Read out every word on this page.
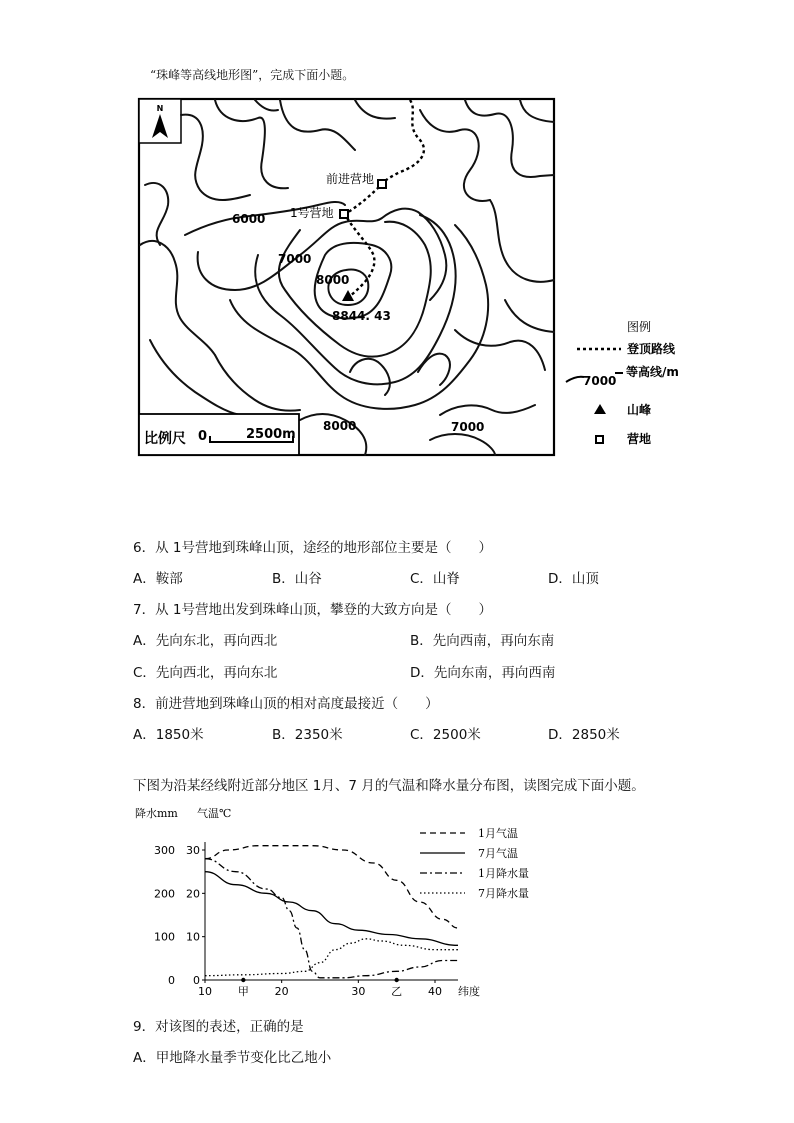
“珠峰等高线地形图”，完成下面小题。
N
前进营地
1号营地
6000
7000
8000
8844. 43
8000	7000
比例尺 0	2500m
图例
登顶路线
7000
等高线/m
山峰
营地
6．从 1号营地到珠峰山顶，途经的地形部位主要是（　　）
A．鞍部	B．山谷	C．山脊	D．山顶
7．从 1号营地出发到珠峰山顶，攀登的大致方向是（　　）
A．先向东北，再向西北	B．先向西南，再向东南
C．先向西北，再向东北	D．先向东南，再向西南
8．前进营地到珠峰山顶的相对高度最接近（　　）
A．1850米	B．2350米	C．2500米	D．2850米
下图为沿某经线附近部分地区 1月、7 月的气温和降水量分布图，读图完成下面小题。
降水mm 气温℃
纬度
10	20	30	40
甲	乙
300
200
100
0
30
20
10
0
1月气温
7月气温
1月降水量
7月降水量
9．对该图的表述，正确的是
A．甲地降水量季节变化比乙地小
